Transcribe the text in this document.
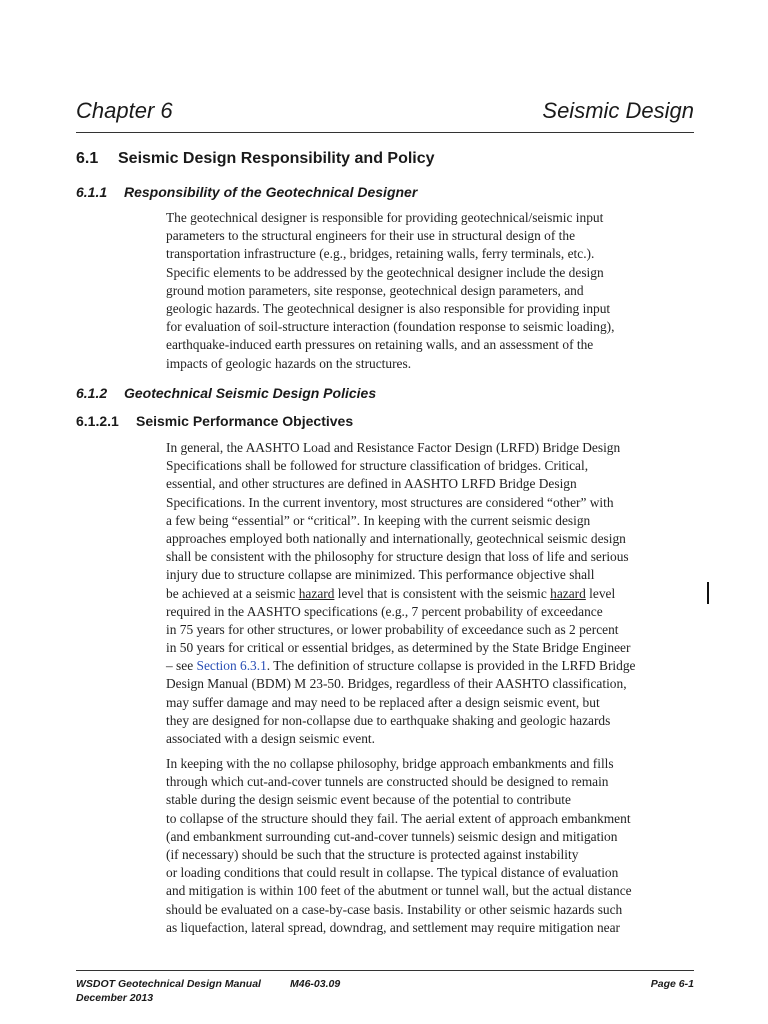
Chapter 6	Seismic Design
6.1 Seismic Design Responsibility and Policy
6.1.1 Responsibility of the Geotechnical Designer
The geotechnical designer is responsible for providing geotechnical/seismic input
parameters to the structural engineers for their use in structural design of the
transportation infrastructure (e.g., bridges, retaining walls, ferry terminals, etc.).
Specific elements to be addressed by the geotechnical designer include the design
ground motion parameters, site response, geotechnical design parameters, and
geologic hazards. The geotechnical designer is also responsible for providing input
for evaluation of soil-structure interaction (foundation response to seismic loading),
earthquake-induced earth pressures on retaining walls, and an assessment of the
impacts of geologic hazards on the structures.
6.1.2 Geotechnical Seismic Design Policies
6.1.2.1 Seismic Performance Objectives
In general, the AASHTO Load and Resistance Factor Design (LRFD) Bridge Design
Specifications shall be followed for structure classification of bridges. Critical,
essential, and other structures are defined in AASHTO LRFD Bridge Design
Specifications. In the current inventory, most structures are considered “other” with
a few being “essential” or “critical”. In keeping with the current seismic design
approaches employed both nationally and internationally, geotechnical seismic design
shall be consistent with the philosophy for structure design that loss of life and serious
injury due to structure collapse are minimized. This performance objective shall
be achieved at a seismic hazard level that is consistent with the seismic hazard level
required in the AASHTO specifications (e.g., 7 percent probability of exceedance
in 75 years for other structures, or lower probability of exceedance such as 2 percent
in 50 years for critical or essential bridges, as determined by the State Bridge Engineer
– see Section 6.3.1. The definition of structure collapse is provided in the LRFD Bridge
Design Manual (BDM) M 23-50. Bridges, regardless of their AASHTO classification,
may suffer damage and may need to be replaced after a design seismic event, but
they are designed for non-collapse due to earthquake shaking and geologic hazards
associated with a design seismic event.
In keeping with the no collapse philosophy, bridge approach embankments and fills
through which cut-and-cover tunnels are constructed should be designed to remain
stable during the design seismic event because of the potential to contribute
to collapse of the structure should they fail. The aerial extent of approach embankment
(and embankment surrounding cut-and-cover tunnels) seismic design and mitigation
(if necessary) should be such that the structure is protected against instability
or loading conditions that could result in collapse. The typical distance of evaluation
and mitigation is within 100 feet of the abutment or tunnel wall, but the actual distance
should be evaluated on a case-by-case basis. Instability or other seismic hazards such
as liquefaction, lateral spread, downdrag, and settlement may require mitigation near
WSDOT Geotechnical Design Manual	M46-03.09	Page 6-1
December 2013
